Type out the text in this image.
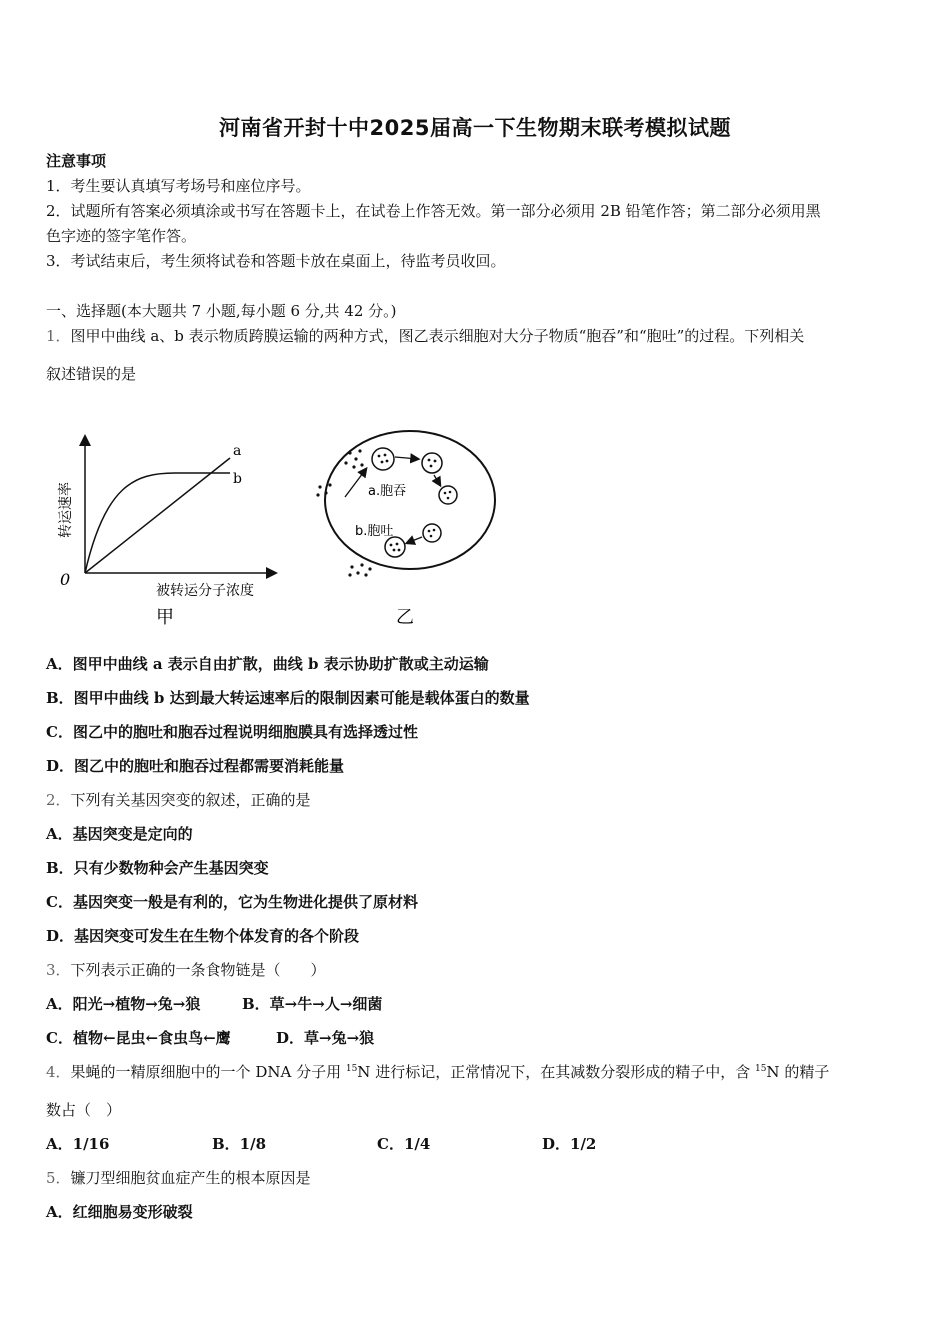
河南省开封十中2025届高一下生物期末联考模拟试题
注意事项
1．考生要认真填写考场号和座位序号。
2．试题所有答案必须填涂或书写在答题卡上，在试卷上作答无效。第一部分必须用 2B 铅笔作答；第二部分必须用黑
色字迹的签字笔作答。
3．考试结束后，考生须将试卷和答题卡放在桌面上，待监考员收回。
一、选择题(本大题共 7 小题,每小题 6 分,共 42 分。)
1．图甲中曲线 a、b 表示物质跨膜运输的两种方式，图乙表示细胞对大分子物质“胞吞”和“胞吐”的过程。下列相关
叙述错误的是
a
b
0
转运速率
被转运分子浓度
甲
a.胞吞
b.胞吐
乙
A．图甲中曲线 a 表示自由扩散，曲线 b 表示协助扩散或主动运输
B．图甲中曲线 b 达到最大转运速率后的限制因素可能是载体蛋白的数量
C．图乙中的胞吐和胞吞过程说明细胞膜具有选择透过性
D．图乙中的胞吐和胞吞过程都需要消耗能量
2．下列有关基因突变的叙述，正确的是
A．基因突变是定向的
B．只有少数物种会产生基因突变
C．基因突变一般是有利的，它为生物进化提供了原材料
D．基因突变可发生在生物个体发育的各个阶段
3．下列表示正确的一条食物链是（　　）
A．阳光→植物→兔→狼	B．草→牛→人→细菌
C．植物←昆虫←食虫鸟←鹰	D．草→兔→狼
4．果蝇的一精原细胞中的一个 DNA 分子用 $^{15}$N 进行标记，正常情况下，在其减数分裂形成的精子中，含 $^{15}$N 的精子
数占（　）
A．1/16	B．1/8	C．1/4	D．1/2
5．镰刀型细胞贫血症产生的根本原因是
A．红细胞易变形破裂
